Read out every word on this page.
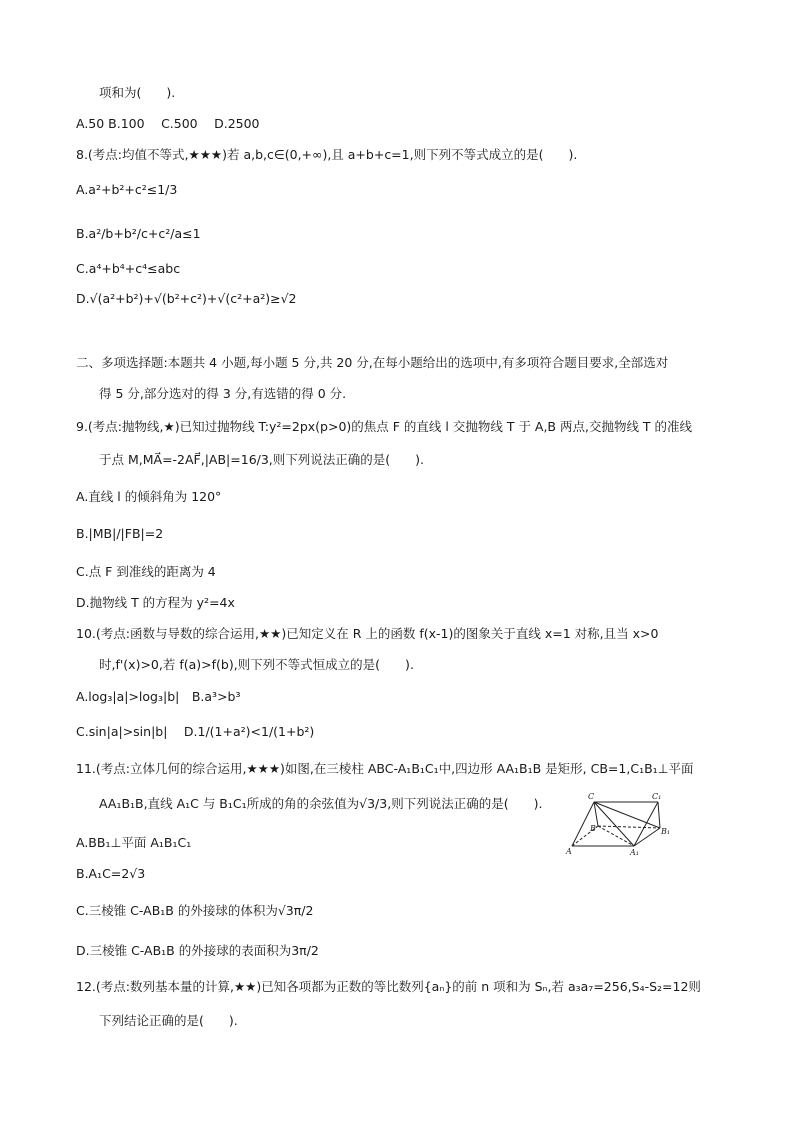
项和为(　　).
A.50 B.100　 C.500　 D.2500
8.(考点:均值不等式,★★★)若 a,b,c∈(0,+∞),且 a+b+c=1,则下列不等式成立的是(　　).
A.a²+b²+c²≤1/3
B.a²/b+b²/c+c²/a≤1
C.a⁴+b⁴+c⁴≤abc
D.√(a²+b²)+√(b²+c²)+√(c²+a²)≥√2
二、多项选择题:本题共 4 小题,每小题 5 分,共 20 分,在每小题给出的选项中,有多项符合题目要求,全部选对
得 5 分,部分选对的得 3 分,有选错的得 0 分.
9.(考点:抛物线,★)已知过抛物线 T:y²=2px(p>0)的焦点 F 的直线 l 交抛物线 T 于 A,B 两点,交抛物线 T 的准线
于点 M,MA⃗=-2AF⃗,|AB|=16/3,则下列说法正确的是(　　).
A.直线 l 的倾斜角为 120°
B.|MB|/|FB|=2
C.点 F 到准线的距离为 4
D.抛物线 T 的方程为 y²=4x
10.(考点:函数与导数的综合运用,★★)已知定义在 R 上的函数 f(x-1)的图象关于直线 x=1 对称,且当 x>0
时,f'(x)>0,若 f(a)>f(b),则下列不等式恒成立的是(　　).
A.log₃|a|>log₃|b|　B.a³>b³
C.sin|a|>sin|b|　 D.1/(1+a²)<1/(1+b²)
11.(考点:立体几何的综合运用,★★★)如图,在三棱柱 ABC-A₁B₁C₁中,四边形 AA₁B₁B 是矩形, CB=1,C₁B₁⊥平面
AA₁B₁B,直线 A₁C 与 B₁C₁所成的角的余弦值为√3/3,则下列说法正确的是(　　).
A.BB₁⊥平面 A₁B₁C₁
B.A₁C=2√3
C.三棱锥 C-AB₁B 的外接球的体积为√3π/2
D.三棱锥 C-AB₁B 的外接球的表面积为3π/2
12.(考点:数列基本量的计算,★★)已知各项都为正数的等比数列{aₙ}的前 n 项和为 Sₙ,若 a₃a₇=256,S₄-S₂=12则
下列结论正确的是(　　).
C	C₁
B	B₁
A	A₁
